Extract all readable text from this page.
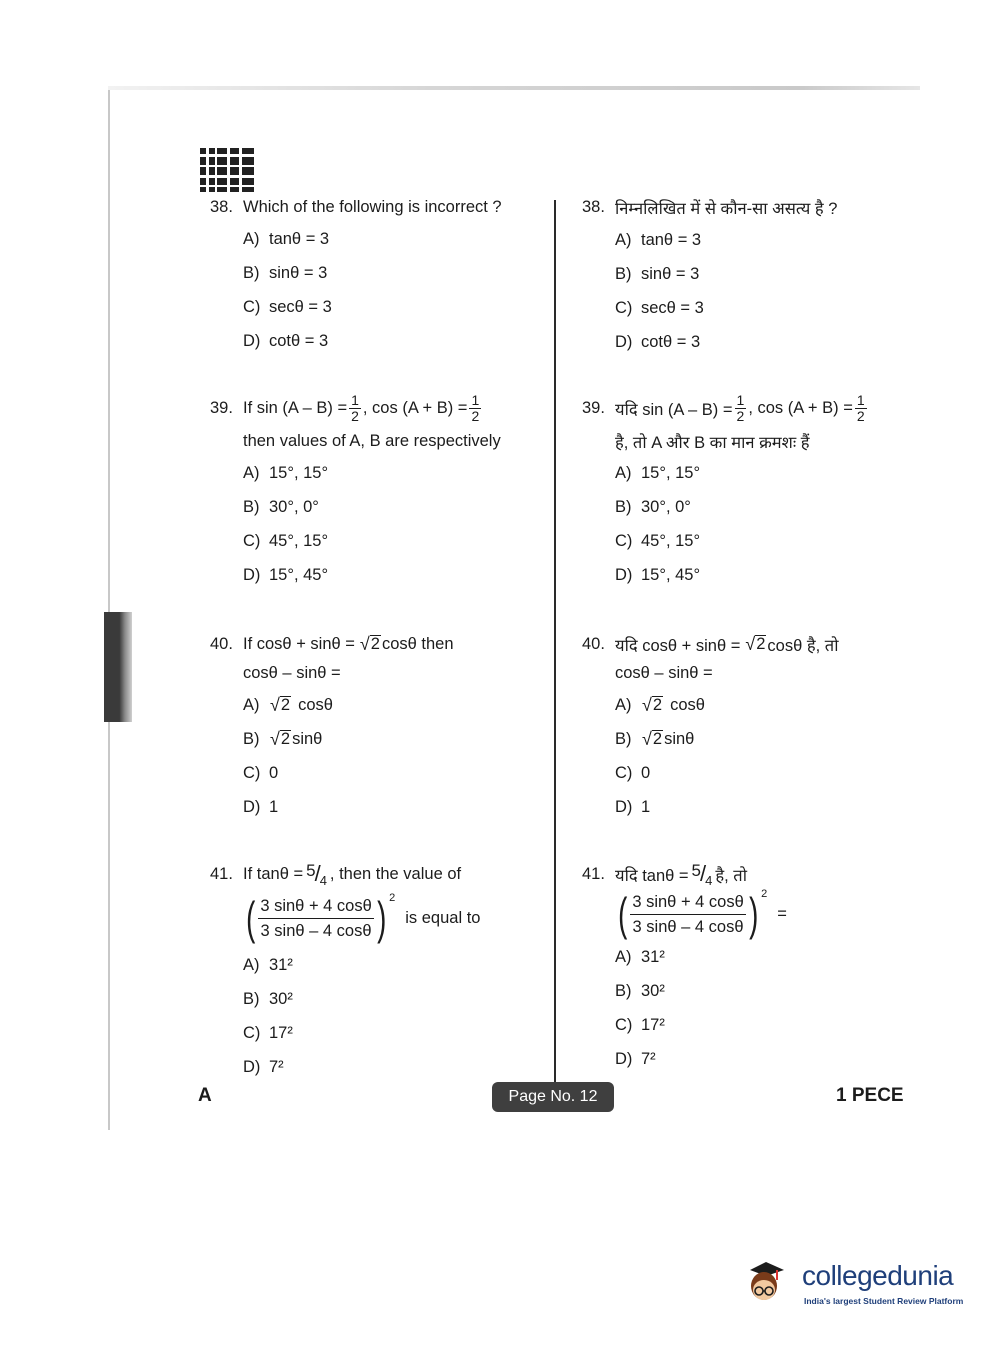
38. Which of the following is incorrect ?
A) tanθ = 3
B) sinθ = 3
C) secθ = 3
D) cotθ = 3
39. If $\sin (A - B) = \frac{1}{2}$ , $\cos (A + B) = \frac{1}{2}$
then values of A, B are respectively
A) 15°, 15°
B) 30°, 0°
C) 45°, 15°
D) 15°, 45°
40. If cosθ + sinθ = √ 2 cosθ then
cosθ – sinθ =
A) √ 2 cosθ
B) √ 2 sinθ
C) 0
D) 1
41. If tanθ = 5 / 4 , then the value of
( $\frac{3 \sin\theta + 4 \cos\theta}{3 \sin\theta - 4 \cos\theta}$ ) 2
is equal to
A) 31²
B) 30²
C) 17²
D) 7²
38. निम्नलिखित में से कौन-सा असत्य है ?
A) tanθ = 3
B) sinθ = 3
C) secθ = 3
D) cotθ = 3
39. यदि $\sin (A - B) = \frac{1}{2}$ , $\cos (A + B) = \frac{1}{2}$
है, तो A और B का मान क्रमशः हैं
A) 15°, 15°
B) 30°, 0°
C) 45°, 15°
D) 15°, 45°
40. यदि cosθ + sinθ = √ 2 cosθ है, तो
cosθ – sinθ =
A) √ 2 cosθ
B) √ 2 sinθ
C) 0
D) 1
41. यदि tanθ = 5 / 4 है, तो
( $\frac{3 \sin\theta + 4 \cos\theta}{3 \sin\theta - 4 \cos\theta}$ ) 2
=
A) 31²
B) 30²
C) 17²
D) 7²
A	Page No. 12	1 PECE
collegedunia
India's largest Student Review Platform
